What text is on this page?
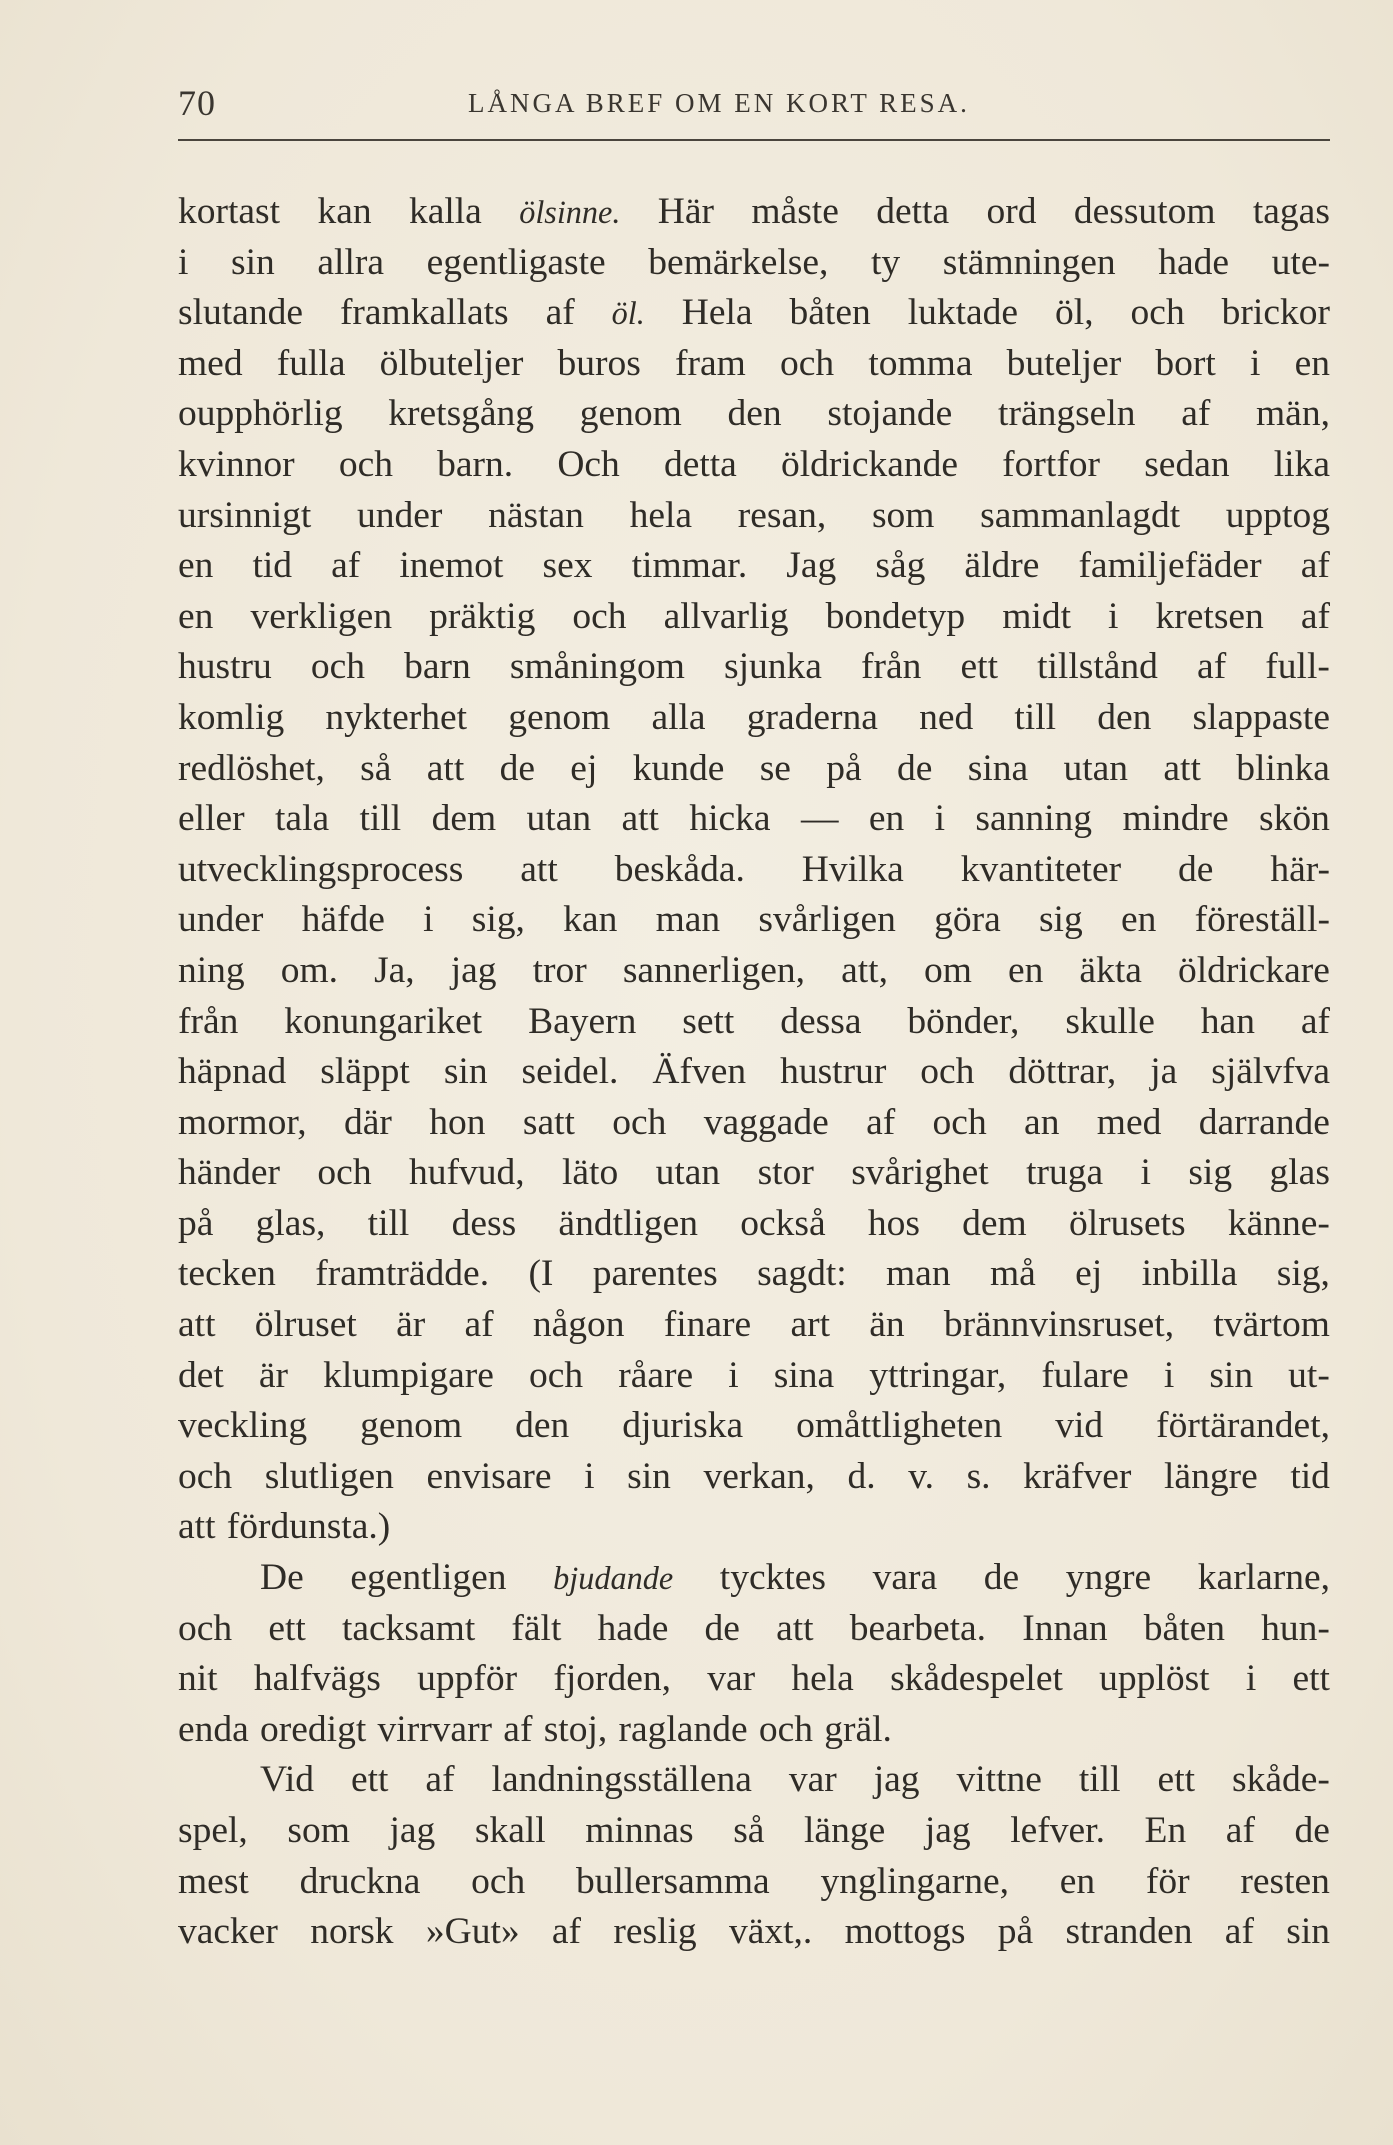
70	LÅNGA BREF OM EN KORT RESA.
kortast kan kalla ölsinne. Här måste detta ord dessutom tagas
i sin allra egentligaste bemärkelse, ty stämningen hade ute-
slutande framkallats af öl. Hela båten luktade öl, och brickor
med fulla ölbuteljer buros fram och tomma buteljer bort i en
oupphörlig kretsgång genom den stojande trängseln af män,
kvinnor och barn. Och detta öldrickande fortfor sedan lika
ursinnigt under nästan hela resan, som sammanlagdt upptog
en tid af inemot sex timmar. Jag såg äldre familjefäder af
en verkligen präktig och allvarlig bondetyp midt i kretsen af
hustru och barn småningom sjunka från ett tillstånd af full-
komlig nykterhet genom alla graderna ned till den slappaste
redlöshet, så att de ej kunde se på de sina utan att blinka
eller tala till dem utan att hicka — en i sanning mindre skön
utvecklingsprocess att beskåda. Hvilka kvantiteter de här-
under häfde i sig, kan man svårligen göra sig en föreställ-
ning om. Ja, jag tror sannerligen, att, om en äkta öldrickare
från konungariket Bayern sett dessa bönder, skulle han af
häpnad släppt sin seidel. Äfven hustrur och döttrar, ja självfva
mormor, där hon satt och vaggade af och an med darrande
händer och hufvud, läto utan stor svårighet truga i sig glas
på glas, till dess ändtligen också hos dem ölrusets känne-
tecken framträdde. (I parentes sagdt: man må ej inbilla sig,
att ölruset är af någon finare art än brännvinsruset, tvärtom
det är klumpigare och råare i sina yttringar, fulare i sin ut-
veckling genom den djuriska omåttligheten vid förtärandet,
och slutligen envisare i sin verkan, d. v. s. kräfver längre tid
att fördunsta.)
De egentligen bjudande tycktes vara de yngre karlarne,
och ett tacksamt fält hade de att bearbeta. Innan båten hun-
nit halfvägs uppför fjorden, var hela skådespelet upplöst i ett
enda oredigt virrvarr af stoj, raglande och gräl.
Vid ett af landningsställena var jag vittne till ett skåde-
spel, som jag skall minnas så länge jag lefver. En af de
mest druckna och bullersamma ynglingarne, en för resten
vacker norsk »Gut» af reslig växt,. mottogs på stranden af sin
